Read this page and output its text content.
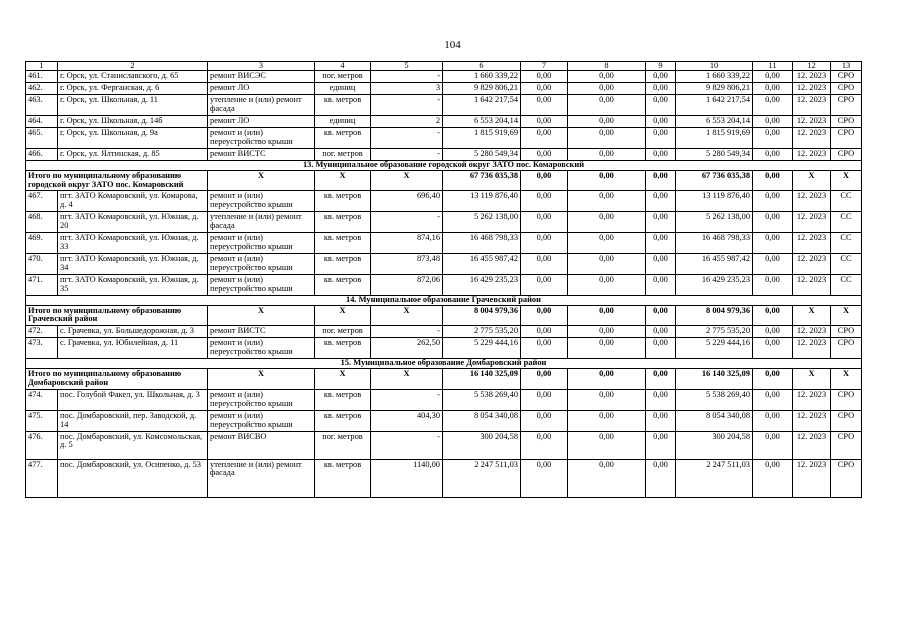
104
1	2	3	4	5	6	7	8	9	10	11	12	13
461.	г. Орск, ул. Станиславского, д. 65	ремонт ВИСЭС	пог. метров	-	1 660 339,22	0,00	0,00	0,00	1 660 339,22	0,00	12. 2023	СРО
462.	г. Орск, ул. Ферганская, д. 6	ремонт ЛО	единиц	3	9 829 806,21	0,00	0,00	0,00	9 829 806,21	0,00	12. 2023	СРО
463.	г. Орск, ул. Школьная, д. 11	утепление и (или) ремонт фасада	кв. метров	-	1 642 217,54	0,00	0,00	0,00	1 642 217,54	0,00	12. 2023	СРО
464.	г. Орск, ул. Школьная, д. 14б	ремонт ЛО	единиц	2	6 553 204,14	0,00	0,00	0,00	6 553 204,14	0,00	12. 2023	СРО
465.	г. Орск, ул. Школьная, д. 9а	ремонт и (или) переустройство крыши	кв. метров	-	1 815 919,69	0,00	0,00	0,00	1 815 919,69	0,00	12. 2023	СРО
466.	г. Орск, ул. Ялтинская, д. 85	ремонт ВИСТС	пог. метров	-	5 280 549,34	0,00	0,00	0,00	5 280 549,34	0,00	12. 2023	СРО
13. Муниципальное образование городской округ ЗАТО пос. Комаровский												
Итого по муниципальному образованию городской округ ЗАТО пос. Комаровский		Х	Х	Х	67 736 035,38	0,00	0,00	0,00	67 736 035,38	0,00	Х	Х
467.	пгт. ЗАТО Комаровский, ул. Комарова, д. 4	ремонт и (или) переустройство крыши	кв. метров	696,40	13 119 876,40	0,00	0,00	0,00	13 119 876,40	0,00	12. 2023	СС
468.	пгт. ЗАТО Комаровский, ул. Южная, д. 20	утепление и (или) ремонт фасада	кв. метров	-	5 262 138,00	0,00	0,00	0,00	5 262 138,00	0,00	12. 2023	СС
469.	пгт. ЗАТО Комаровский, ул. Южная, д. 33	ремонт и (или) переустройство крыши	кв. метров	874,16	16 468 798,33	0,00	0,00	0,00	16 468 798,33	0,00	12. 2023	СС
470.	пгт. ЗАТО Комаровский, ул. Южная, д. 34	ремонт и (или) переустройство крыши	кв. метров	873,48	16 455 987,42	0,00	0,00	0,00	16 455 987,42	0,00	12. 2023	СС
471.	пгт. ЗАТО Комаровский, ул. Южная, д. 35	ремонт и (или) переустройство крыши	кв. метров	872,06	16 429 235,23	0,00	0,00	0,00	16 429 235,23	0,00	12. 2023	СС
14. Муниципальное образование Грачевский район												
Итого по муниципальному образованию Грачевский район		Х	Х	Х	8 004 979,36	0,00	0,00	0,00	8 004 979,36	0,00	Х	Х
472.	с. Грачевка, ул. Большедорожная, д. 3	ремонт ВИСТС	пог. метров	-	2 775 535,20	0,00	0,00	0,00	2 775 535,20	0,00	12. 2023	СРО
473.	с. Грачевка, ул. Юбилейная, д. 11	ремонт и (или) переустройство крыши	кв. метров	262,50	5 229 444,16	0,00	0,00	0,00	5 229 444,16	0,00	12. 2023	СРО
15. Муниципальное образование Домбаровский район												
Итого по муниципальному образованию Домбаровский район		Х	Х	Х	16 140 325,09	0,00	0,00	0,00	16 140 325,09	0,00	Х	Х
474.	пос. Голубой Факел, ул. Школьная, д. 3	ремонт и (или) переустройство крыши	кв. метров	-	5 538 269,40	0,00	0,00	0,00	5 538 269,40	0,00	12. 2023	СРО
475.	пос. Домбаровский, пер. Заводской, д. 14	ремонт и (или) переустройство крыши	кв. метров	404,30	8 054 340,08	0,00	0,00	0,00	8 054 340,08	0,00	12. 2023	СРО
476.	пос. Домбаровский, ул. Комсомольская, д. 5	ремонт ВИСВО	пог. метров	-	300 204,58	0,00	0,00	0,00	300 204,58	0,00	12. 2023	СРО
477.	пос. Домбаровский, ул. Осипенко, д. 53	утепление и (или) ремонт фасада	кв. метров	1140,00	2 247 511,03	0,00	0,00	0,00	2 247 511,03	0,00	12. 2023	СРО
